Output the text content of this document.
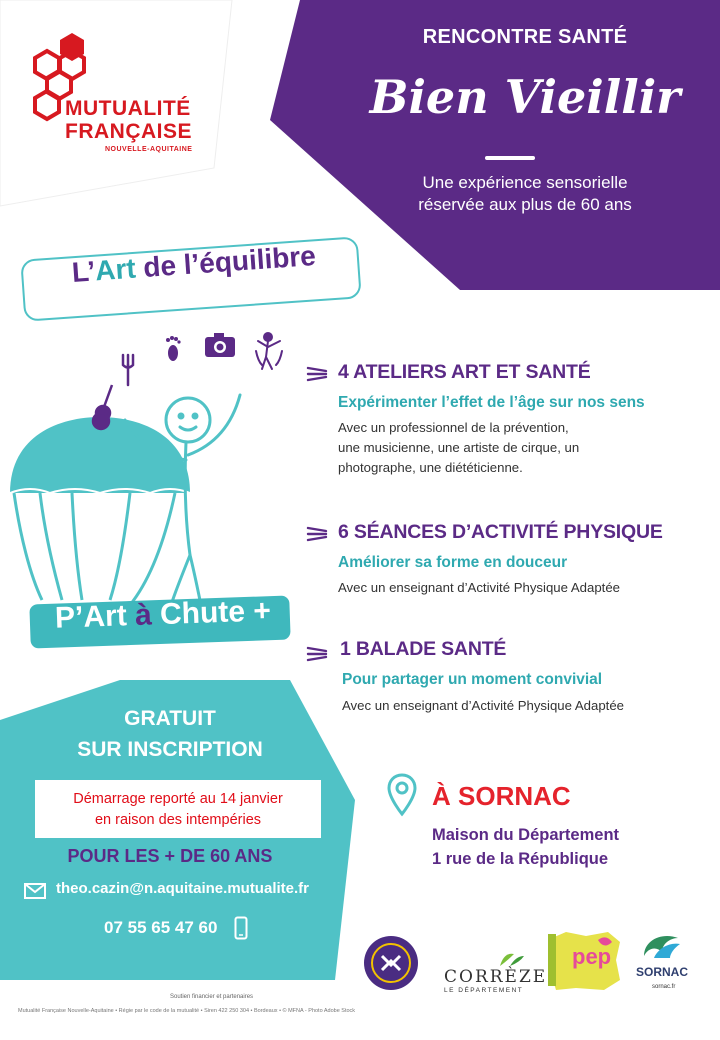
MUTUALITÉ
FRANÇAISE
NOUVELLE-AQUITAINE
RENCONTRE SANTÉ
Bien Vieillir
Une expérience sensorielle
réservée aux plus de 60 ans
L’Art de l’équilibre
P’Art à Chute +
4 ATELIERS ART ET SANTÉ
Expérimenter l’effet de l’âge sur nos sens
Avec un professionnel de la prévention,
une musicienne, une artiste de cirque, un
photographe, une diététicienne.
6 SÉANCES D’ACTIVITÉ PHYSIQUE
Améliorer sa forme en douceur
Avec un enseignant d’Activité Physique Adaptée
1 BALADE SANTÉ
Pour partager un moment convivial
Avec un enseignant d’Activité Physique Adaptée
GRATUIT
SUR INSCRIPTION
Démarrage reporté au 14 janvier
en raison des intempéries
POUR LES + DE 60 ANS
theo.cazin@n.aquitaine.mutualite.fr
07 55 65 47 60
À SORNAC
Maison du Département
1 rue de la République
CORRÈZE
LE DÉPARTEMENT
pep
SORNAC
sornac.fr
Soutien financier et partenaires
Mutualité Française Nouvelle-Aquitaine • Régie par le code de la mutualité • Siren 422 250 304 • Bordeaux • © MFNA - Photo Adobe Stock
